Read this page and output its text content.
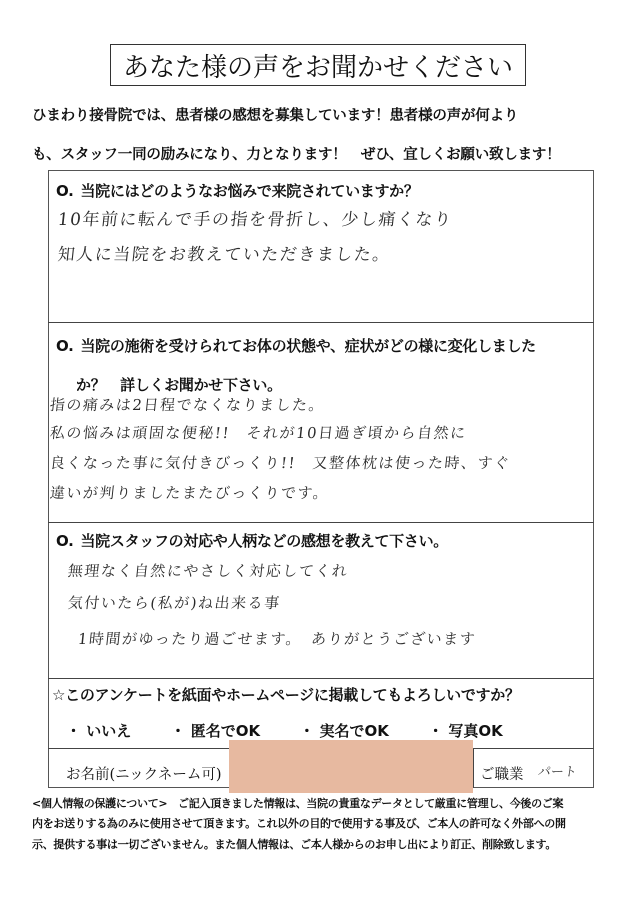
あなた様の声をお聞かせください
ひまわり接骨院では、患者様の感想を募集しています！患者様の声が何より
も、スタッフ一同の励みになり、力となります！　ぜひ、宜しくお願い致します！
O. 当院にはどのようなお悩みで来院されていますか？
10年前に転んで手の指を骨折し、少し痛くなり
知人に当院をお教えていただきました。
O. 当院の施術を受けられてお体の状態や、症状がどの様に変化しました
か？　詳しくお聞かせ下さい。
指の痛みは2日程でなくなりました。
私の悩みは頑固な便秘!!　それが10日過ぎ頃から自然に
良くなった事に気付きびっくり!!　又整体枕は使った時、すぐ
違いが判りましたまたびっくりです。
O. 当院スタッフの対応や人柄などの感想を教えて下さい。
無理なく自然にやさしく対応してくれ
気付いたら(私が)ね出来る事
1時間がゆったり過ごせます。　ありがとうございます
☆このアンケートを紙面やホームページに掲載してもよろしいですか？
・ いいえ	・ 匿名でOK	・ 実名でOK	・ 写真OK
お名前(ニックネーム可)	ご職業 パート
<個人情報の保護について>　ご記入頂きました情報は、当院の貴重なデータとして厳重に管理し、今後のご案
内をお送りする為のみに使用させて頂きます。これ以外の目的で使用する事及び、ご本人の許可なく外部への開
示、提供する事は一切ございません。また個人情報は、ご本人様からのお申し出により訂正、削除致します。
